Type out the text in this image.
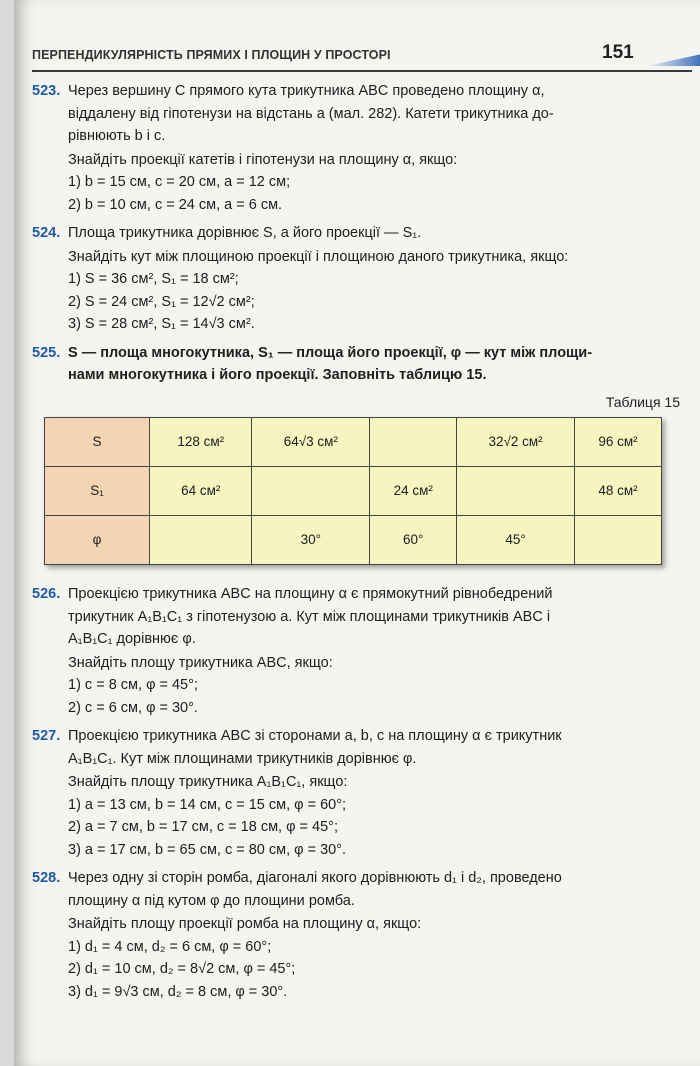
ПЕРПЕНДИКУЛЯРНІСТЬ ПРЯМИХ І ПЛОЩИН У ПРОСТОРІ	151
523. Через вершину C прямого кута трикутника ABC проведено площину α,
віддалену від гіпотенузи на відстань a (мал. 282). Катети трикутника до-
рівнюють b і c.
Знайдіть проекції катетів і гіпотенузи на площину α, якщо:
1) b = 15 см, c = 20 см, a = 12 см;
2) b = 10 см, c = 24 см, a = 6 см.
524. Площа трикутника дорівнює S, а його проекції — S₁.
Знайдіть кут між площиною проекції і площиною даного трикутника, якщо:
1) S = 36 см², S₁ = 18 см²;
2) S = 24 см², S₁ = 12√2 см²;
3) S = 28 см², S₁ = 14√3 см².
525. S — площа многокутника, S₁ — площа його проекції, φ — кут між площи-
нами многокутника і його проекції. Заповніть таблицю 15.
Таблиця 15
S	128 см²	64√3 см²		32√2 см²	96 см²
S₁	64 см²		24 см²		48 см²
φ		30°	60°	45°	
526. Проекцією трикутника ABC на площину α є прямокутний рівнобедрений
трикутник A₁B₁C₁ з гіпотенузою a. Кут між площинами трикутників ABC і
A₁B₁C₁ дорівнює φ.
Знайдіть площу трикутника ABC, якщо:
1) c = 8 см, φ = 45°;
2) c = 6 см, φ = 30°.
527. Проекцією трикутника ABC зі сторонами a, b, c на площину α є трикутник
A₁B₁C₁. Кут між площинами трикутників дорівнює φ.
Знайдіть площу трикутника A₁B₁C₁, якщо:
1) a = 13 см, b = 14 см, c = 15 см, φ = 60°;
2) a = 7 см, b = 17 см, c = 18 см, φ = 45°;
3) a = 17 см, b = 65 см, c = 80 см, φ = 30°.
528. Через одну зі сторін ромба, діагоналі якого дорівнюють d₁ і d₂, проведено
площину α під кутом φ до площини ромба.
Знайдіть площу проекції ромба на площину α, якщо:
1) d₁ = 4 см, d₂ = 6 см, φ = 60°;
2) d₁ = 10 см, d₂ = 8√2 см, φ = 45°;
3) d₁ = 9√3 см, d₂ = 8 см, φ = 30°.
